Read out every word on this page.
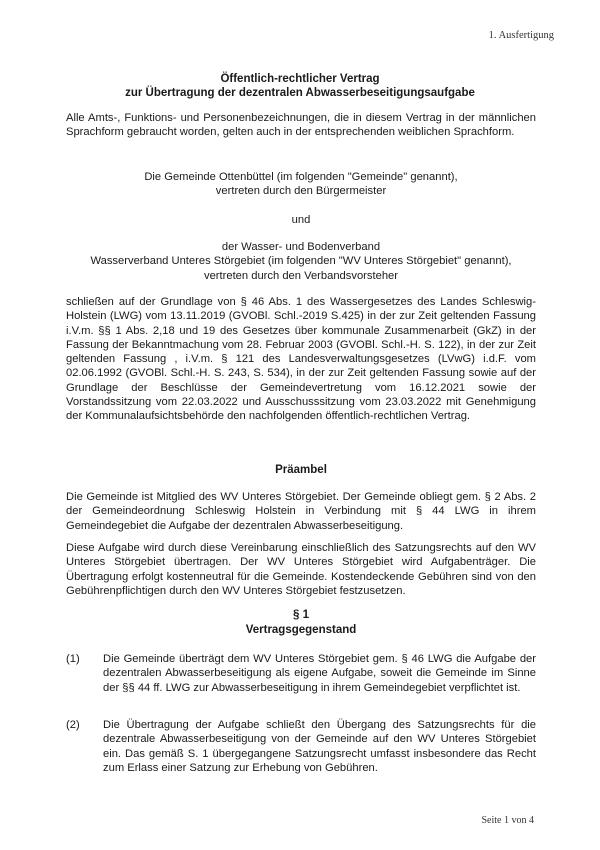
1. Ausfertigung
Öffentlich-rechtlicher Vertrag
zur Übertragung der dezentralen Abwasserbeseitigungsaufgabe
Alle Amts-, Funktions- und Personenbezeichnungen, die in diesem Vertrag in der männlichen Sprachform gebraucht worden, gelten auch in der entsprechenden weiblichen Sprachform.
Die Gemeinde Ottenbüttel (im folgenden "Gemeinde" genannt),
vertreten durch den Bürgermeister
und
der Wasser- und Bodenverband
Wasserverband Unteres Störgebiet (im folgenden "WV Unteres Störgebiet" genannt),
vertreten durch den Verbandsvorsteher
schließen auf der Grundlage von § 46 Abs. 1 des Wassergesetzes des Landes Schleswig-Holstein (LWG) vom 13.11.2019 (GVOBl. Schl.-2019 S.425) in der zur Zeit geltenden Fassung i.V.m. §§ 1 Abs. 2,18 und 19 des Gesetzes über kommunale Zusammenarbeit (GkZ) in der Fassung der Bekanntmachung vom 28. Februar 2003 (GVOBl. Schl.-H. S. 122), in der zur Zeit geltenden Fassung , i.V.m. § 121 des Landesverwaltungsgesetzes (LVwG) i.d.F. vom 02.06.1992 (GVOBl. Schl.-H. S. 243, S. 534), in der zur Zeit geltenden Fassung sowie auf der Grundlage der Beschlüsse der Gemeindevertretung vom 16.12.2021 sowie der Vorstandssitzung vom 22.03.2022 und Ausschusssitzung vom 23.03.2022 mit Genehmigung der Kommunalaufsichtsbehörde den nachfolgenden öffentlich-rechtlichen Vertrag.
Präambel
Die Gemeinde ist Mitglied des WV Unteres Störgebiet. Der Gemeinde obliegt gem. § 2 Abs. 2 der Gemeindeordnung Schleswig Holstein in Verbindung mit § 44 LWG in ihrem Gemeindegebiet die Aufgabe der dezentralen Abwasserbeseitigung.
Diese Aufgabe wird durch diese Vereinbarung einschließlich des Satzungsrechts auf den WV Unteres Störgebiet übertragen. Der WV Unteres Störgebiet wird Aufgabenträger. Die Übertragung erfolgt kostenneutral für die Gemeinde. Kostendeckende Gebühren sind von den Gebührenpflichtigen durch den WV Unteres Störgebiet festzusetzen.
§ 1
Vertragsgegenstand
(1)	Die Gemeinde überträgt dem WV Unteres Störgebiet gem. § 46 LWG die Aufgabe der dezentralen Abwasserbeseitigung als eigene Aufgabe, soweit die Gemeinde im Sinne der §§ 44 ff. LWG zur Abwasserbeseitigung in ihrem Gemeindegebiet verpflichtet ist.
(2)	Die Übertragung der Aufgabe schließt den Übergang des Satzungsrechts für die dezentrale Abwasserbeseitigung von der Gemeinde auf den WV Unteres Störgebiet ein. Das gemäß S. 1 übergegangene Satzungsrecht umfasst insbesondere das Recht zum Erlass einer Satzung zur Erhebung von Gebühren.
Seite 1 von 4
